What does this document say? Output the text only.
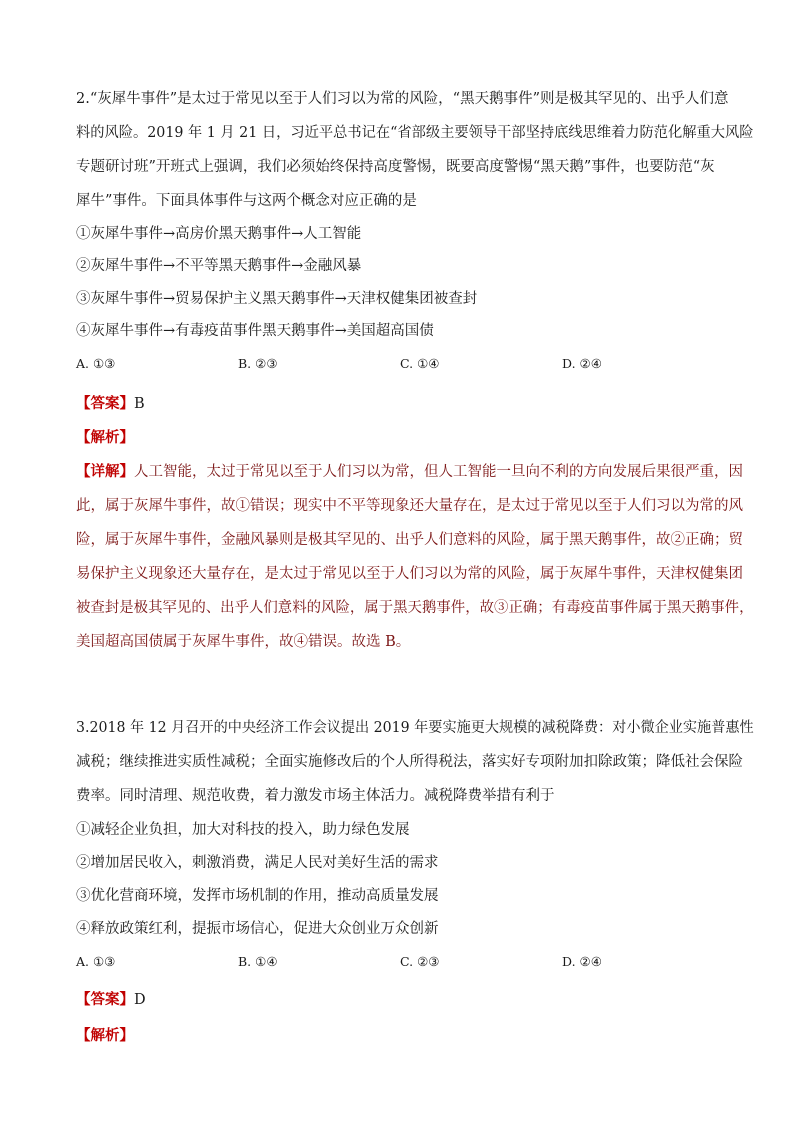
2.“灰犀牛事件”是太过于常见以至于人们习以为常的风险，“黑天鹅事件”则是极其罕见的、出乎人们意
料的风险。2019 年 1 月 21 日，习近平总书记在“省部级主要领导干部坚持底线思维着力防范化解重大风险
专题研讨班”开班式上强调，我们必须始终保持高度警惕，既要高度警惕“黑天鹅”事件，也要防范“灰
犀牛”事件。下面具体事件与这两个概念对应正确的是
①灰犀牛事件→高房价黑天鹅事件→人工智能
②灰犀牛事件→不平等黑天鹅事件→金融风暴
③灰犀牛事件→贸易保护主义黑天鹅事件→天津权健集团被查封
④灰犀牛事件→有毒疫苗事件黑天鹅事件→美国超高国债
A. ①③	B. ②③	C. ①④	D. ②④
【答案】B
【解析】
【详解】人工智能，太过于常见以至于人们习以为常，但人工智能一旦向不利的方向发展后果很严重，因
此，属于灰犀牛事件，故①错误；现实中不平等现象还大量存在，是太过于常见以至于人们习以为常的风
险，属于灰犀牛事件，金融风暴则是极其罕见的、出乎人们意料的风险，属于黑天鹅事件，故②正确；贸
易保护主义现象还大量存在，是太过于常见以至于人们习以为常的风险，属于灰犀牛事件，天津权健集团
被查封是极其罕见的、出乎人们意料的风险，属于黑天鹅事件，故③正确；有毒疫苗事件属于黑天鹅事件，
美国超高国债属于灰犀牛事件，故④错误。故选 B。
3.2018 年 12 月召开的中央经济工作会议提出 2019 年要实施更大规模的减税降费：对小微企业实施普惠性
减税；继续推进实质性减税；全面实施修改后的个人所得税法，落实好专项附加扣除政策；降低社会保险
费率。同时清理、规范收费，着力激发市场主体活力。减税降费举措有利于
①减轻企业负担，加大对科技的投入，助力绿色发展
②增加居民收入，刺激消费，满足人民对美好生活的需求
③优化营商环境，发挥市场机制的作用，推动高质量发展
④释放政策红利，提振市场信心，促进大众创业万众创新
A. ①③	B. ①④	C. ②③	D. ②④
【答案】D
【解析】
